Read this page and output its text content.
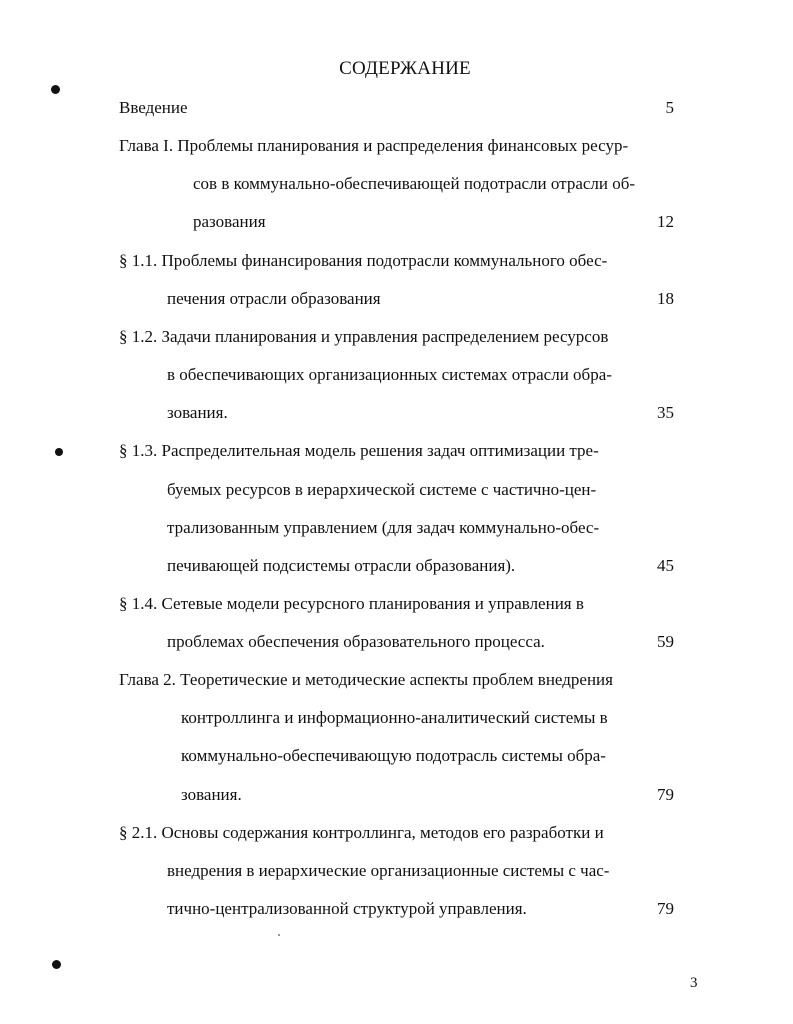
СОДЕРЖАНИЕ
Введение	5
Глава I. Проблемы планирования и распределения финансовых ресур-
сов в коммунально-обеспечивающей подотрасли отрасли об-
разования	12
§ 1.1. Проблемы финансирования подотрасли коммунального обес-
печения отрасли образования	18
§ 1.2. Задачи планирования и управления распределением ресурсов
в обеспечивающих организационных системах отрасли обра-
зования.	35
§ 1.3. Распределительная модель решения задач оптимизации тре-
буемых ресурсов в иерархической системе с частично-цен-
трализованным управлением (для задач коммунально-обес-
печивающей подсистемы отрасли образования).	45
§ 1.4. Сетевые модели ресурсного планирования и управления в
проблемах обеспечения образовательного процесса.	59
Глава 2. Теоретические и методические аспекты проблем внедрения
контроллинга и информационно-аналитический системы в
коммунально-обеспечивающую подотрасль системы обра-
зования.	79
§ 2.1. Основы содержания контроллинга, методов его разработки и
внедрения в иерархические организационные системы с час-
тично-централизованной структурой управления.	79
3
